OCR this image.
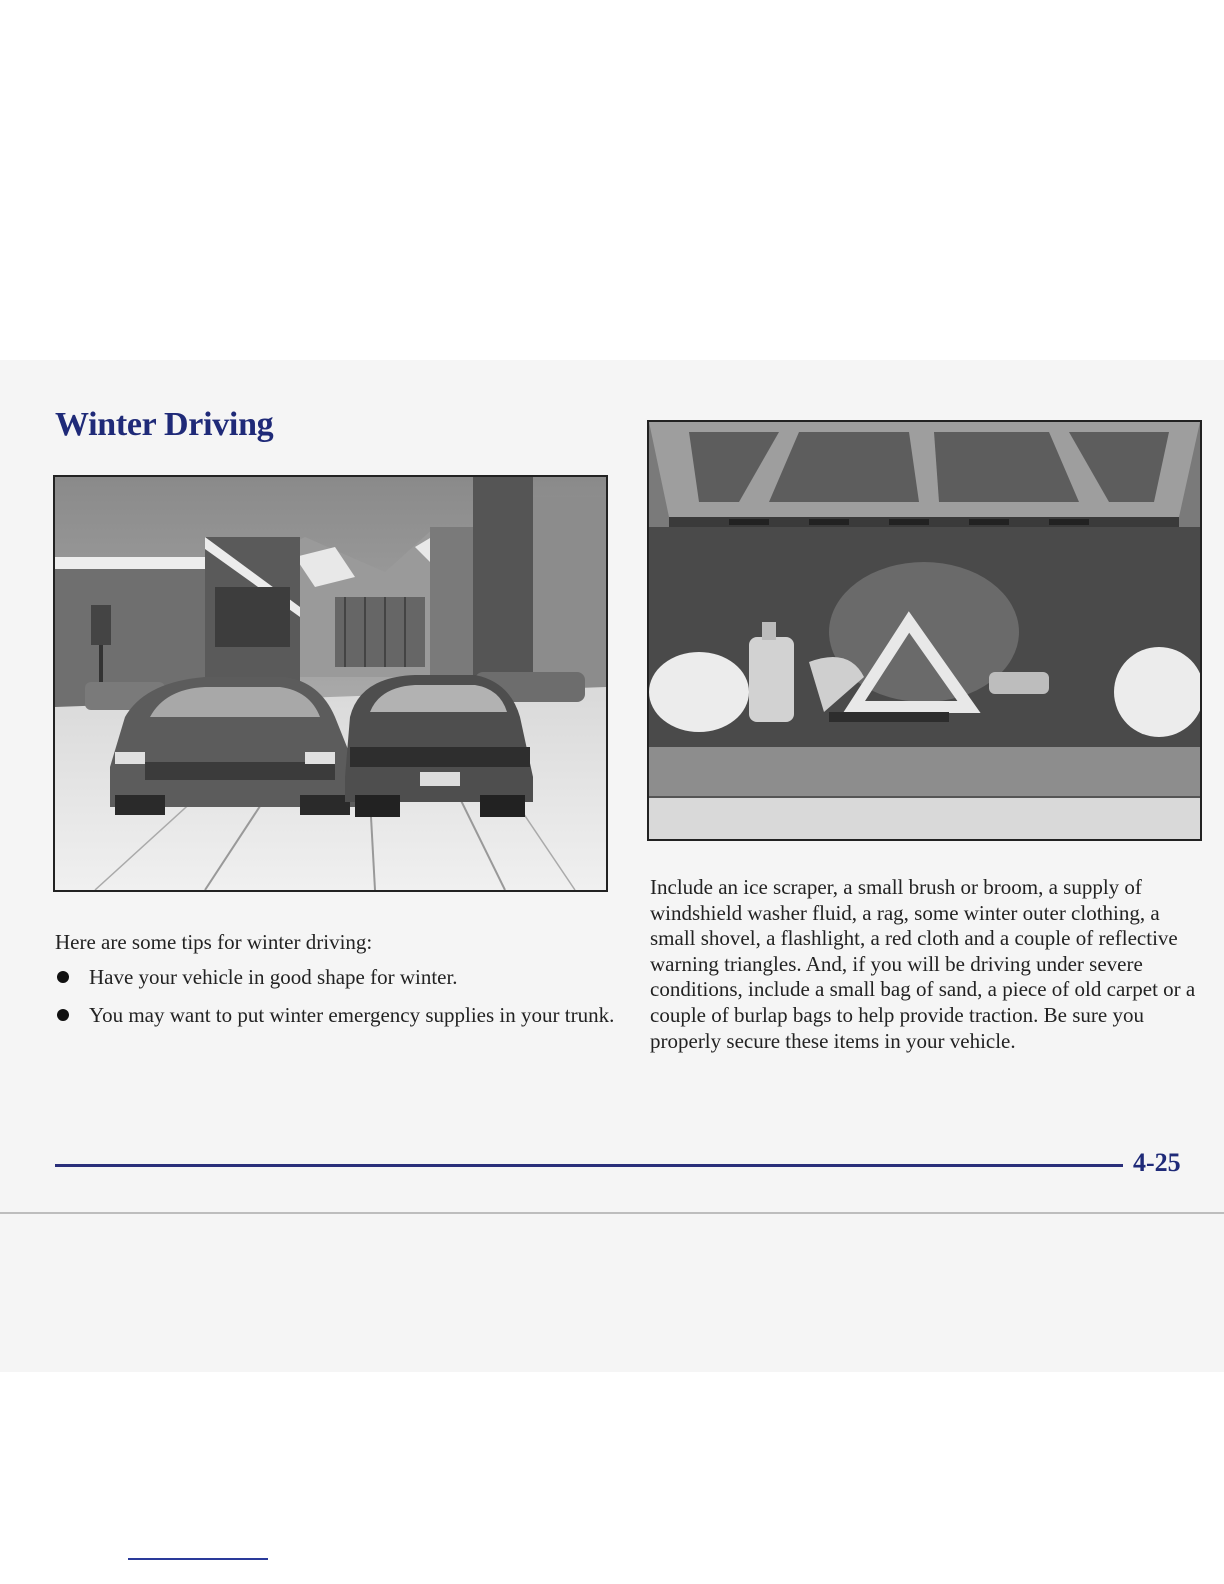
Winter Driving

Here are some tips for winter driving:

Have your vehicle in good shape for winter.
You may want to put winter emergency supplies in your trunk.

Include an ice scraper, a small brush or broom, a supply of windshield washer fluid, a rag, some winter outer clothing, a small shovel, a flashlight, a red cloth and a couple of reflective warning triangles. And, if you will be driving under severe conditions, include a small bag of sand, a piece of old carpet or a couple of burlap bags to help provide traction. Be sure you properly secure these items in your vehicle.

4-25
